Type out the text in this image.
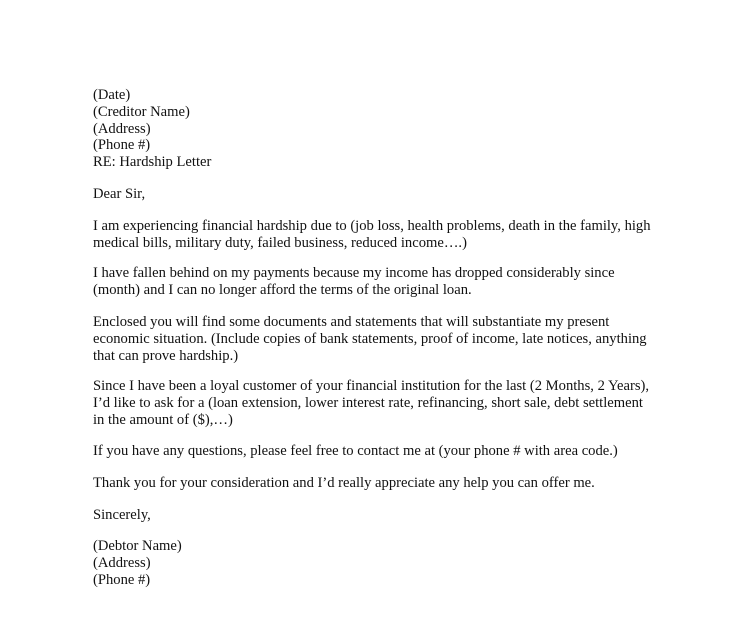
(Date)
(Creditor Name)
(Address)
(Phone #)
RE: Hardship Letter
Dear Sir,
I am experiencing financial hardship due to (job loss, health problems, death in the family, high
medical bills, military duty, failed business, reduced income….)
I have fallen behind on my payments because my income has dropped considerably since
(month) and I can no longer afford the terms of the original loan.
Enclosed you will find some documents and statements that will substantiate my present
economic situation. (Include copies of bank statements, proof of income, late notices, anything
that can prove hardship.)
Since I have been a loyal customer of your financial institution for the last (2 Months, 2 Years),
I’d like to ask for a (loan extension, lower interest rate, refinancing, short sale, debt settlement
in the amount of ($),…)
If you have any questions, please feel free to contact me at (your phone # with area code.)
Thank you for your consideration and I’d really appreciate any help you can offer me.
Sincerely,
(Debtor Name)
(Address)
(Phone #)
